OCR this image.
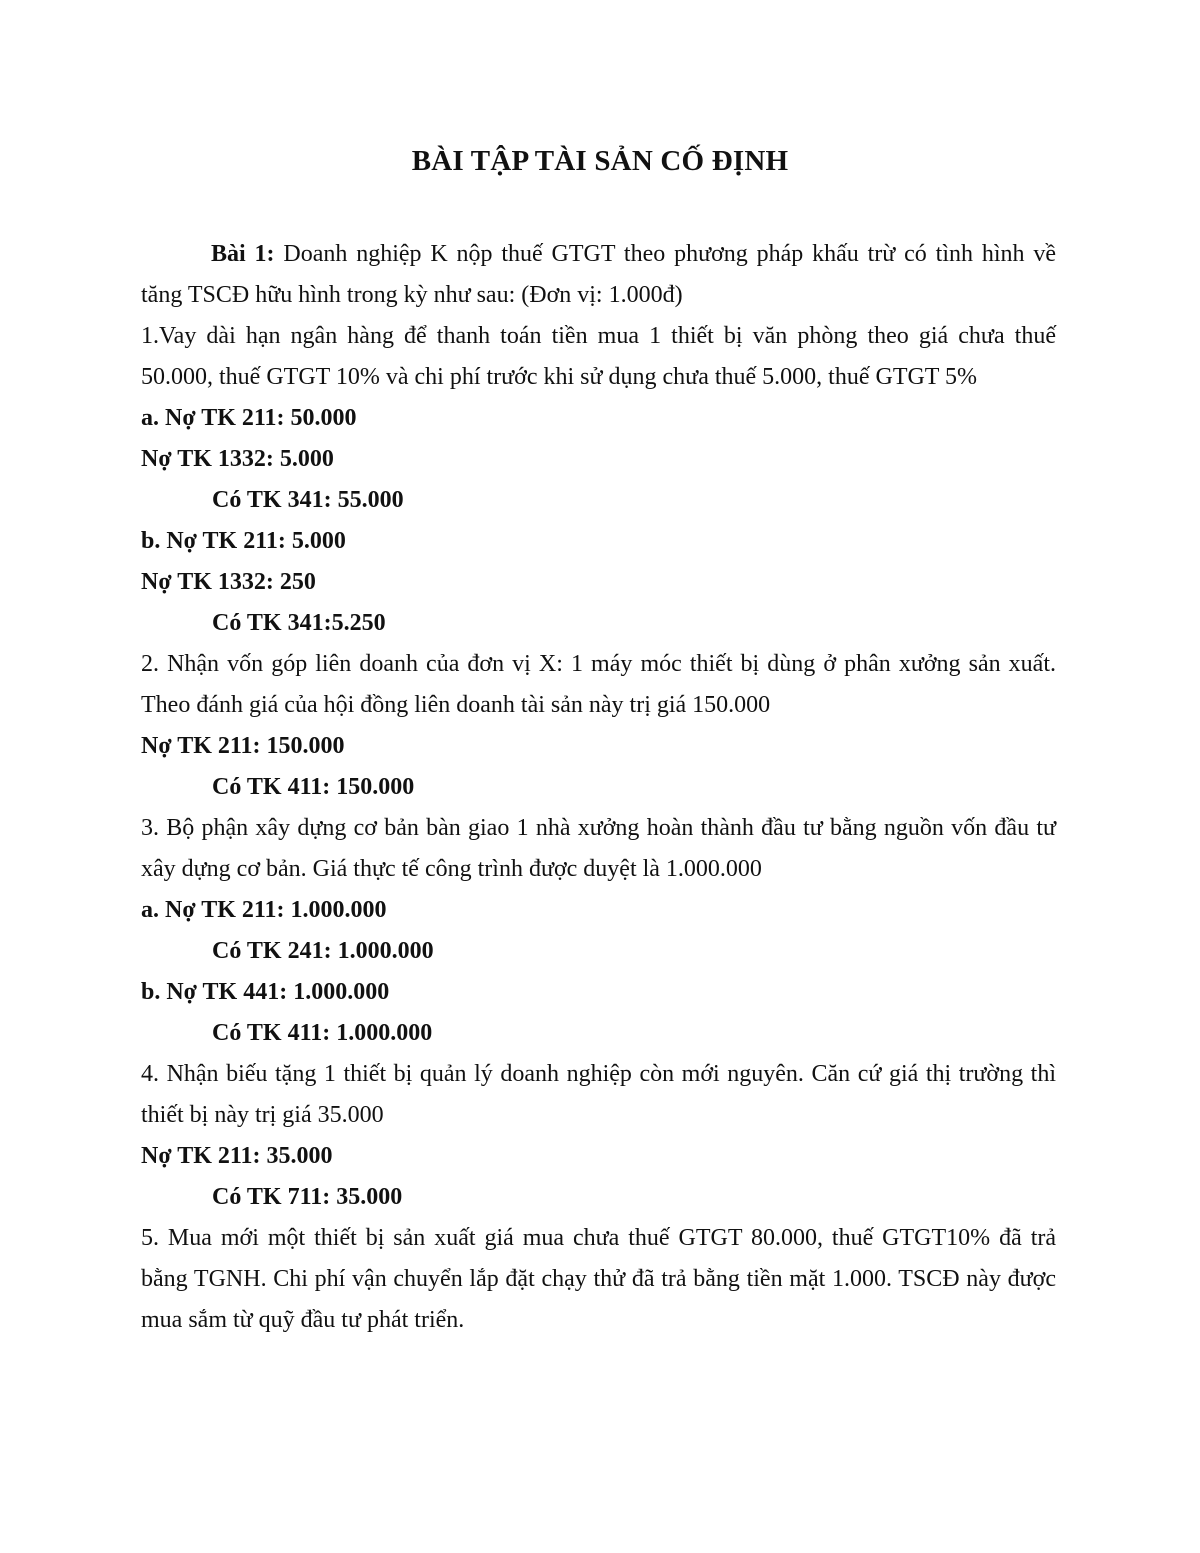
BÀI TẬP TÀI SẢN CỐ ĐỊNH

Bài 1: Doanh nghiệp K nộp thuế GTGT theo phương pháp khấu trừ có tình hình về tăng TSCĐ hữu hình trong kỳ như sau: (Đơn vị: 1.000đ)

1.Vay dài hạn ngân hàng để thanh toán tiền mua 1 thiết bị văn phòng theo giá chưa thuế 50.000, thuế GTGT 10% và chi phí trước khi sử dụng chưa thuế 5.000, thuế GTGT 5%

a. Nợ TK 211: 50.000

Nợ TK 1332: 5.000

Có TK 341: 55.000

b. Nợ TK 211: 5.000

Nợ TK 1332: 250

Có TK 341:5.250

2. Nhận vốn góp liên doanh của đơn vị X: 1 máy móc thiết bị dùng ở phân xưởng sản xuất. Theo đánh giá của hội đồng liên doanh tài sản này trị giá 150.000

Nợ TK 211: 150.000

Có TK 411: 150.000

3. Bộ phận xây dựng cơ bản bàn giao 1 nhà xưởng hoàn thành đầu tư bằng nguồn vốn đầu tư xây dựng cơ bản. Giá thực tế công trình được duyệt là 1.000.000

a. Nợ TK 211: 1.000.000

Có TK 241: 1.000.000

b. Nợ TK 441: 1.000.000

Có TK 411: 1.000.000

4. Nhận biếu tặng 1 thiết bị quản lý doanh nghiệp còn mới nguyên. Căn cứ giá thị trường thì thiết bị này trị giá 35.000

Nợ TK 211: 35.000

Có TK 711: 35.000

5. Mua mới một thiết bị sản xuất giá mua chưa thuế GTGT 80.000, thuế GTGT10% đã trả bằng TGNH. Chi phí vận chuyển lắp đặt chạy thử đã trả bằng tiền mặt 1.000. TSCĐ này được mua sắm từ quỹ đầu tư phát triển.
